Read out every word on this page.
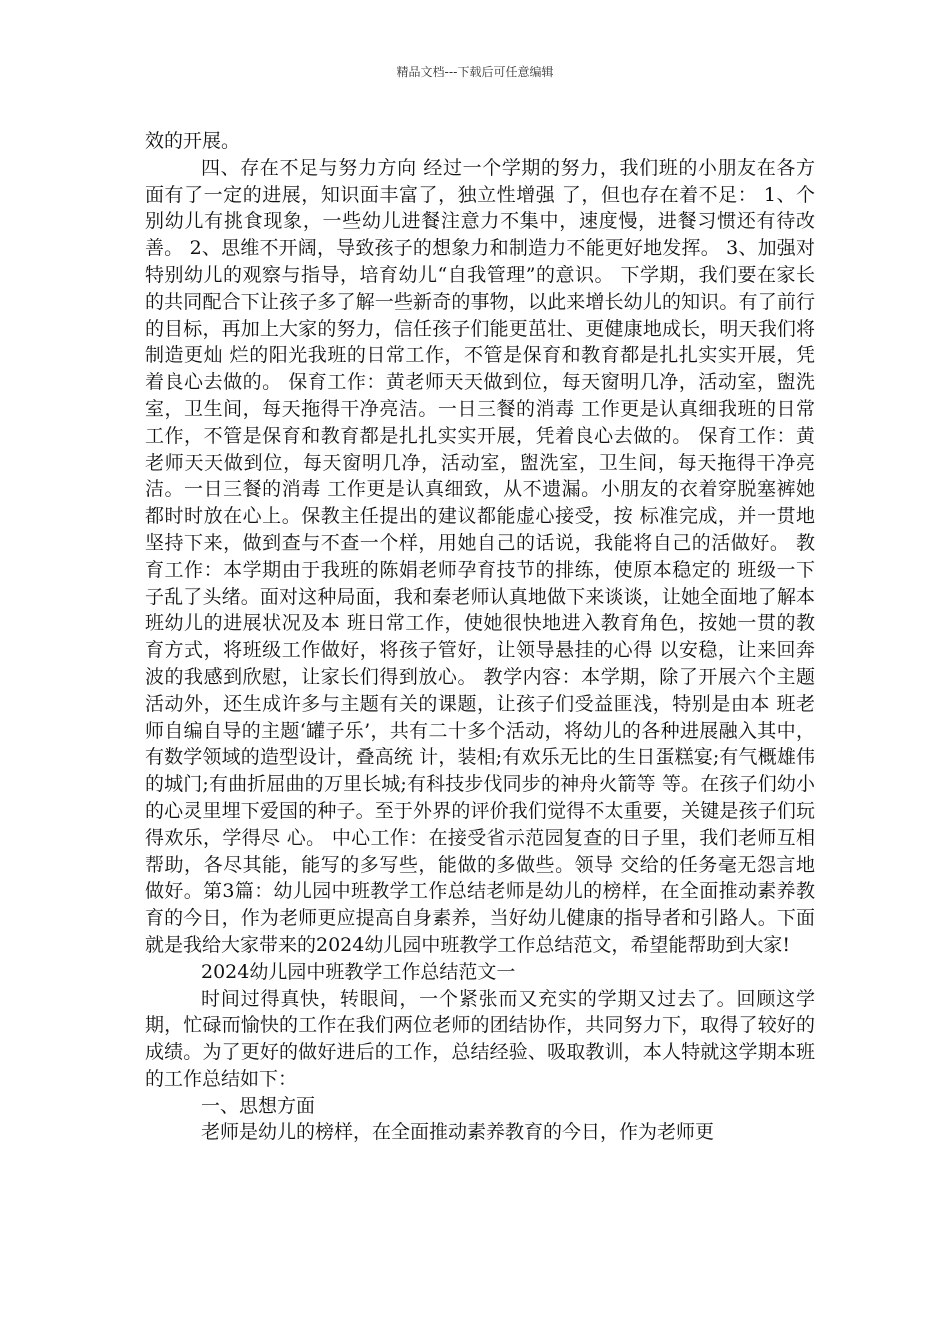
精品文档---下载后可任意编辑

效的开展。

四、存在不足与努力方向 经过一个学期的努力，我们班的小朋友在各方面有了一定的进展，知识面丰富了，独立性增强 了，但也存在着不足： 1、个别幼儿有挑食现象，一些幼儿进餐注意力不集中，速度慢，进餐习惯还有待改善。 2、思维不开阔，导致孩子的想象力和制造力不能更好地发挥。 3、加强对特别幼儿的观察与指导，培育幼儿“自我管理”的意识。 下学期，我们要在家长的共同配合下让孩子多了解一些新奇的事物，以此来增长幼儿的知识。有了前行的目标，再加上大家的努力，信任孩子们能更茁壮、更健康地成长，明天我们将制造更灿 烂的阳光我班的日常工作，不管是保育和教育都是扎扎实实开展，凭着良心去做的。 保育工作：黄老师天天做到位，每天窗明几净，活动室，盥洗室，卫生间，每天拖得干净亮洁。一日三餐的消毒 工作更是认真细我班的日常工作，不管是保育和教育都是扎扎实实开展，凭着良心去做的。 保育工作：黄老师天天做到位，每天窗明几净，活动室，盥洗室，卫生间，每天拖得干净亮洁。一日三餐的消毒 工作更是认真细致，从不遗漏。小朋友的衣着穿脱塞裤她都时时放在心上。保教主任提出的建议都能虚心接受，按 标准完成，并一贯地坚持下来，做到查与不查一个样，用她自己的话说，我能将自己的活做好。 教育工作：本学期由于我班的陈娟老师孕育技节的排练，使原本稳定的 班级一下子乱了头绪。面对这种局面，我和秦老师认真地做下来谈谈，让她全面地了解本班幼儿的进展状况及本 班日常工作，使她很快地进入教育角色，按她一贯的教育方式，将班级工作做好，将孩子管好，让领导悬挂的心得 以安稳，让来回奔波的我感到欣慰，让家长们得到放心。 教学内容：本学期，除了开展六个主题活动外，还生成许多与主题有关的课题，让孩子们受益匪浅，特别是由本 班老师自编自导的主题‘罐子乐’，共有二十多个活动，将幼儿的各种进展融入其中，有数学领域的造型设计，叠高统 计，装相;有欢乐无比的生日蛋糕宴;有气概雄伟的城门;有曲折屈曲的万里长城;有科技步伐同步的神舟火箭等 等。在孩子们幼小的心灵里埋下爱国的种子。至于外界的评价我们觉得不太重要，关键是孩子们玩得欢乐，学得尽 心。 中心工作：在接受省示范园复查的日子里，我们老师互相帮助，各尽其能，能写的多写些，能做的多做些。领导 交给的任务毫无怨言地做好。第3篇：幼儿园中班教学工作总结老师是幼儿的榜样，在全面推动素养教育的今日，作为老师更应提高自身素养，当好幼儿健康的指导者和引路人。下面就是我给大家带来的2024幼儿园中班教学工作总结范文，希望能帮助到大家!

2024幼儿园中班教学工作总结范文一

时间过得真快，转眼间，一个紧张而又充实的学期又过去了。回顾这学期，忙碌而愉快的工作在我们两位老师的团结协作，共同努力下，取得了较好的成绩。为了更好的做好进后的工作，总结经验、吸取教训，本人特就这学期本班的工作总结如下：

一、思想方面

老师是幼儿的榜样，在全面推动素养教育的今日，作为老师更
